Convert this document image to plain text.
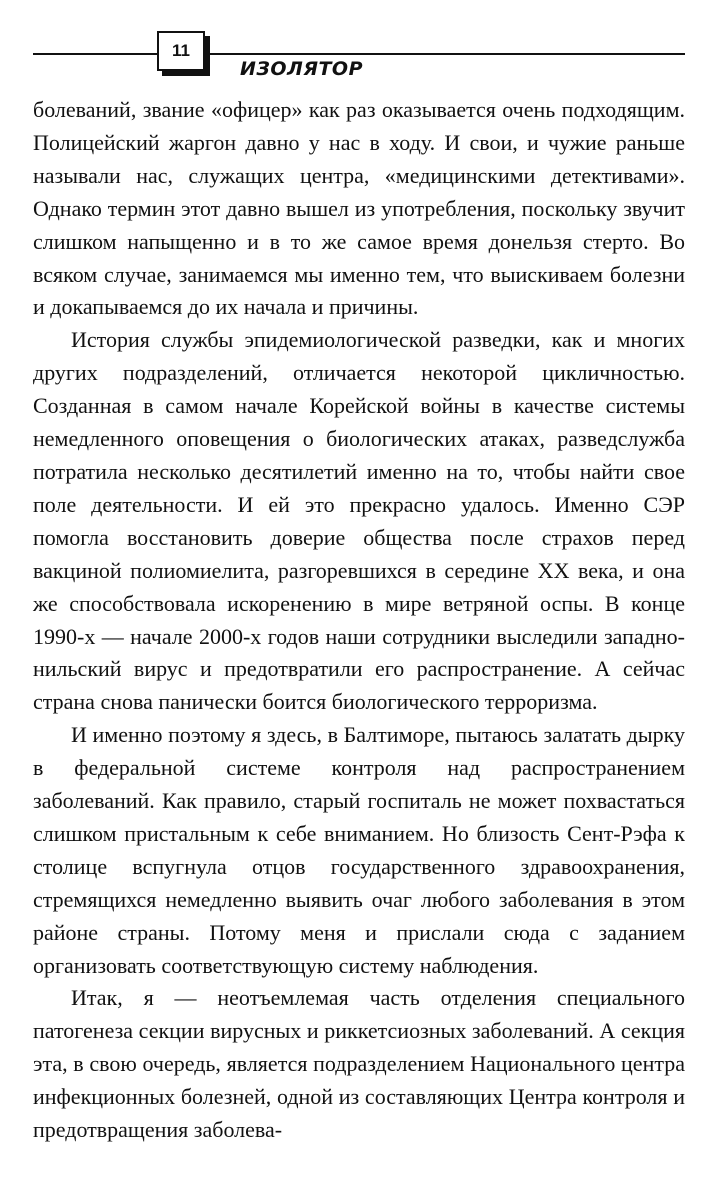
11
ИЗОЛЯТОР

болеваний, звание «офицер» как раз оказывается очень подходящим. Полицейский жаргон давно у нас в ходу. И свои, и чужие раньше называли нас, служащих центра, «медицинскими детективами». Однако термин этот давно вышел из употребления, поскольку звучит слишком напыщенно и в то же самое время донельзя стерто. Во всяком случае, занимаемся мы именно тем, что выискиваем болезни и докапываемся до их начала и причины.

История службы эпидемиологической разведки, как и многих других подразделений, отличается некоторой цикличностью. Созданная в самом начале Корейской войны в качестве системы немедленного оповещения о биологических атаках, разведслужба потратила несколько десятилетий именно на то, чтобы найти свое поле деятельности. И ей это прекрасно удалось. Именно СЭР помогла восстановить доверие общества после страхов перед вакциной полиомиелита, разгоревшихся в середине XX века, и она же способствовала искоренению в мире ветряной оспы. В конце 1990-х — начале 2000-х годов наши сотрудники выследили западно-нильский вирус и предотвратили его распространение. А сейчас страна снова панически боится биологического терроризма.

И именно поэтому я здесь, в Балтиморе, пытаюсь залатать дырку в федеральной системе контроля над распространением заболеваний. Как правило, старый госпиталь не может похвастаться слишком пристальным к себе вниманием. Но близость Сент-Рэфа к столице вспугнула отцов государственного здравоохранения, стремящихся немедленно выявить очаг любого заболевания в этом районе страны. Потому меня и прислали сюда с заданием организовать соответствующую систему наблюдения.

Итак, я — неотъемлемая часть отделения специального патогенеза секции вирусных и риккетсиозных заболеваний. А секция эта, в свою очередь, является подразделением Национального центра инфекционных болезней, одной из составляющих Центра контроля и предотвращения заболева-
